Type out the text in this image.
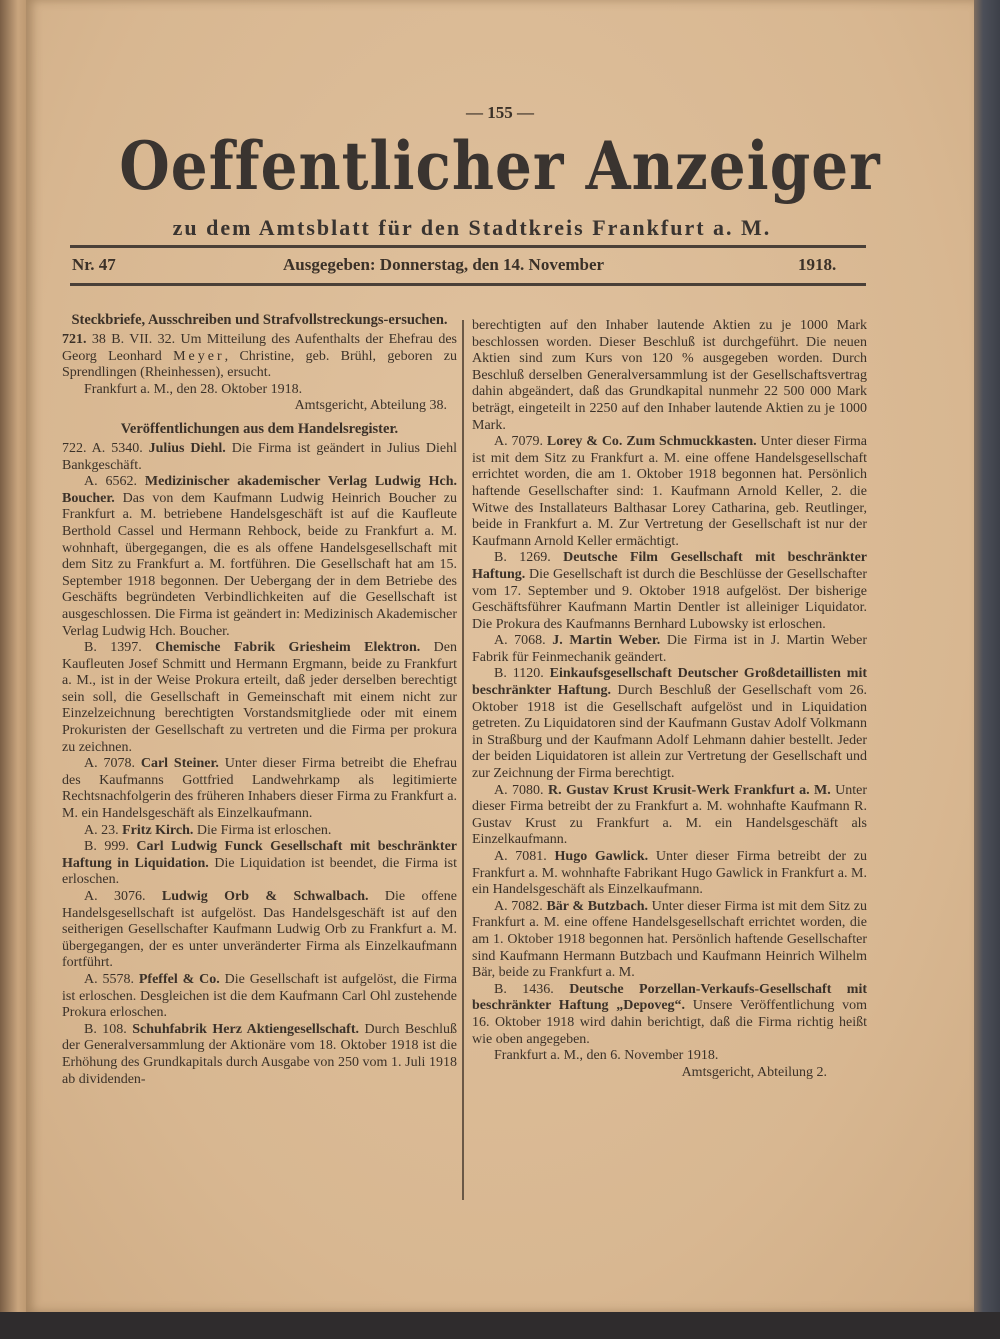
— 155 —
Oeffentlicher Anzeiger
zu dem Amtsblatt für den Stadtkreis Frankfurt a. M.
Nr. 47	Ausgegeben: Donnerstag, den 14. November	1918.
Steckbriefe, Ausschreiben und Strafvollstreckungs-ersuchen.

721. 38 B. VII. 32. Um Mitteilung des Aufenthalts der Ehefrau des Georg Leonhard Meyer, Christine, geb. Brühl, geboren zu Sprendlingen (Rheinhessen), ersucht.

Frankfurt a. M., den 28. Oktober 1918.

Amtsgericht, Abteilung 38.

Veröffentlichungen aus dem Handelsregister.

722. A. 5340. Julius Diehl. Die Firma ist geändert in Julius Diehl Bankgeschäft.

A. 6562. Medizinischer akademischer Verlag Ludwig Hch. Boucher. Das von dem Kaufmann Ludwig Heinrich Boucher zu Frankfurt a. M. betriebene Handelsgeschäft ist auf die Kaufleute Berthold Cassel und Hermann Rehbock, beide zu Frankfurt a. M. wohnhaft, übergegangen, die es als offene Handelsgesellschaft mit dem Sitz zu Frankfurt a. M. fortführen. Die Gesellschaft hat am 15. September 1918 begonnen. Der Uebergang der in dem Betriebe des Geschäfts begründeten Verbindlichkeiten auf die Gesellschaft ist ausgeschlossen. Die Firma ist geändert in: Medizinisch Akademischer Verlag Ludwig Hch. Boucher.

B. 1397. Chemische Fabrik Griesheim Elektron. Den Kaufleuten Josef Schmitt und Hermann Ergmann, beide zu Frankfurt a. M., ist in der Weise Prokura erteilt, daß jeder derselben berechtigt sein soll, die Gesellschaft in Gemeinschaft mit einem nicht zur Einzelzeichnung berechtigten Vorstandsmitgliede oder mit einem Prokuristen der Gesellschaft zu vertreten und die Firma per prokura zu zeichnen.

A. 7078. Carl Steiner. Unter dieser Firma betreibt die Ehefrau des Kaufmanns Gottfried Landwehrkamp als legitimierte Rechtsnachfolgerin des früheren Inhabers dieser Firma zu Frankfurt a. M. ein Handelsgeschäft als Einzelkaufmann.

A. 23. Fritz Kirch. Die Firma ist erloschen.

B. 999. Carl Ludwig Funck Gesellschaft mit beschränkter Haftung in Liquidation. Die Liquidation ist beendet, die Firma ist erloschen.

A. 3076. Ludwig Orb & Schwalbach. Die offene Handelsgesellschaft ist aufgelöst. Das Handelsgeschäft ist auf den seitherigen Gesellschafter Kaufmann Ludwig Orb zu Frankfurt a. M. übergegangen, der es unter unveränderter Firma als Einzelkaufmann fortführt.

A. 5578. Pfeffel & Co. Die Gesellschaft ist aufgelöst, die Firma ist erloschen. Desgleichen ist die dem Kaufmann Carl Ohl zustehende Prokura erloschen.

B. 108. Schuhfabrik Herz Aktiengesellschaft. Durch Beschluß der Generalversammlung der Aktionäre vom 18. Oktober 1918 ist die Erhöhung des Grundkapitals durch Ausgabe von 250 vom 1. Juli 1918 ab dividenden-

berechtigten auf den Inhaber lautende Aktien zu je 1000 Mark beschlossen worden. Dieser Beschluß ist durchgeführt. Die neuen Aktien sind zum Kurs von 120 % ausgegeben worden. Durch Beschluß derselben Generalversammlung ist der Gesellschaftsvertrag dahin abgeändert, daß das Grundkapital nunmehr 22 500 000 Mark beträgt, eingeteilt in 2250 auf den Inhaber lautende Aktien zu je 1000 Mark.

A. 7079. Lorey & Co. Zum Schmuckkasten. Unter dieser Firma ist mit dem Sitz zu Frankfurt a. M. eine offene Handelsgesellschaft errichtet worden, die am 1. Oktober 1918 begonnen hat. Persönlich haftende Gesellschafter sind: 1. Kaufmann Arnold Keller, 2. die Witwe des Installateurs Balthasar Lorey Catharina, geb. Reutlinger, beide in Frankfurt a. M. Zur Vertretung der Gesellschaft ist nur der Kaufmann Arnold Keller ermächtigt.

B. 1269. Deutsche Film Gesellschaft mit beschränkter Haftung. Die Gesellschaft ist durch die Beschlüsse der Gesellschafter vom 17. September und 9. Oktober 1918 aufgelöst. Der bisherige Geschäftsführer Kaufmann Martin Dentler ist alleiniger Liquidator. Die Prokura des Kaufmanns Bernhard Lubowsky ist erloschen.

A. 7068. J. Martin Weber. Die Firma ist in J. Martin Weber Fabrik für Feinmechanik geändert.

B. 1120. Einkaufsgesellschaft Deutscher Großdetaillisten mit beschränkter Haftung. Durch Beschluß der Gesellschaft vom 26. Oktober 1918 ist die Gesellschaft aufgelöst und in Liquidation getreten. Zu Liquidatoren sind der Kaufmann Gustav Adolf Volkmann in Straßburg und der Kaufmann Adolf Lehmann dahier bestellt. Jeder der beiden Liquidatoren ist allein zur Vertretung der Gesellschaft und zur Zeichnung der Firma berechtigt.

A. 7080. R. Gustav Krust Krusit-Werk Frankfurt a. M. Unter dieser Firma betreibt der zu Frankfurt a. M. wohnhafte Kaufmann R. Gustav Krust zu Frankfurt a. M. ein Handelsgeschäft als Einzelkaufmann.

A. 7081. Hugo Gawlick. Unter dieser Firma betreibt der zu Frankfurt a. M. wohnhafte Fabrikant Hugo Gawlick in Frankfurt a. M. ein Handelsgeschäft als Einzelkaufmann.

A. 7082. Bär & Butzbach. Unter dieser Firma ist mit dem Sitz zu Frankfurt a. M. eine offene Handelsgesellschaft errichtet worden, die am 1. Oktober 1918 begonnen hat. Persönlich haftende Gesellschafter sind Kaufmann Hermann Butzbach und Kaufmann Heinrich Wilhelm Bär, beide zu Frankfurt a. M.

B. 1436. Deutsche Porzellan-Verkaufs-Gesellschaft mit beschränkter Haftung „Depoveg“. Unsere Veröffentlichung vom 16. Oktober 1918 wird dahin berichtigt, daß die Firma richtig heißt wie oben angegeben.

Frankfurt a. M., den 6. November 1918.

Amtsgericht, Abteilung 2.
